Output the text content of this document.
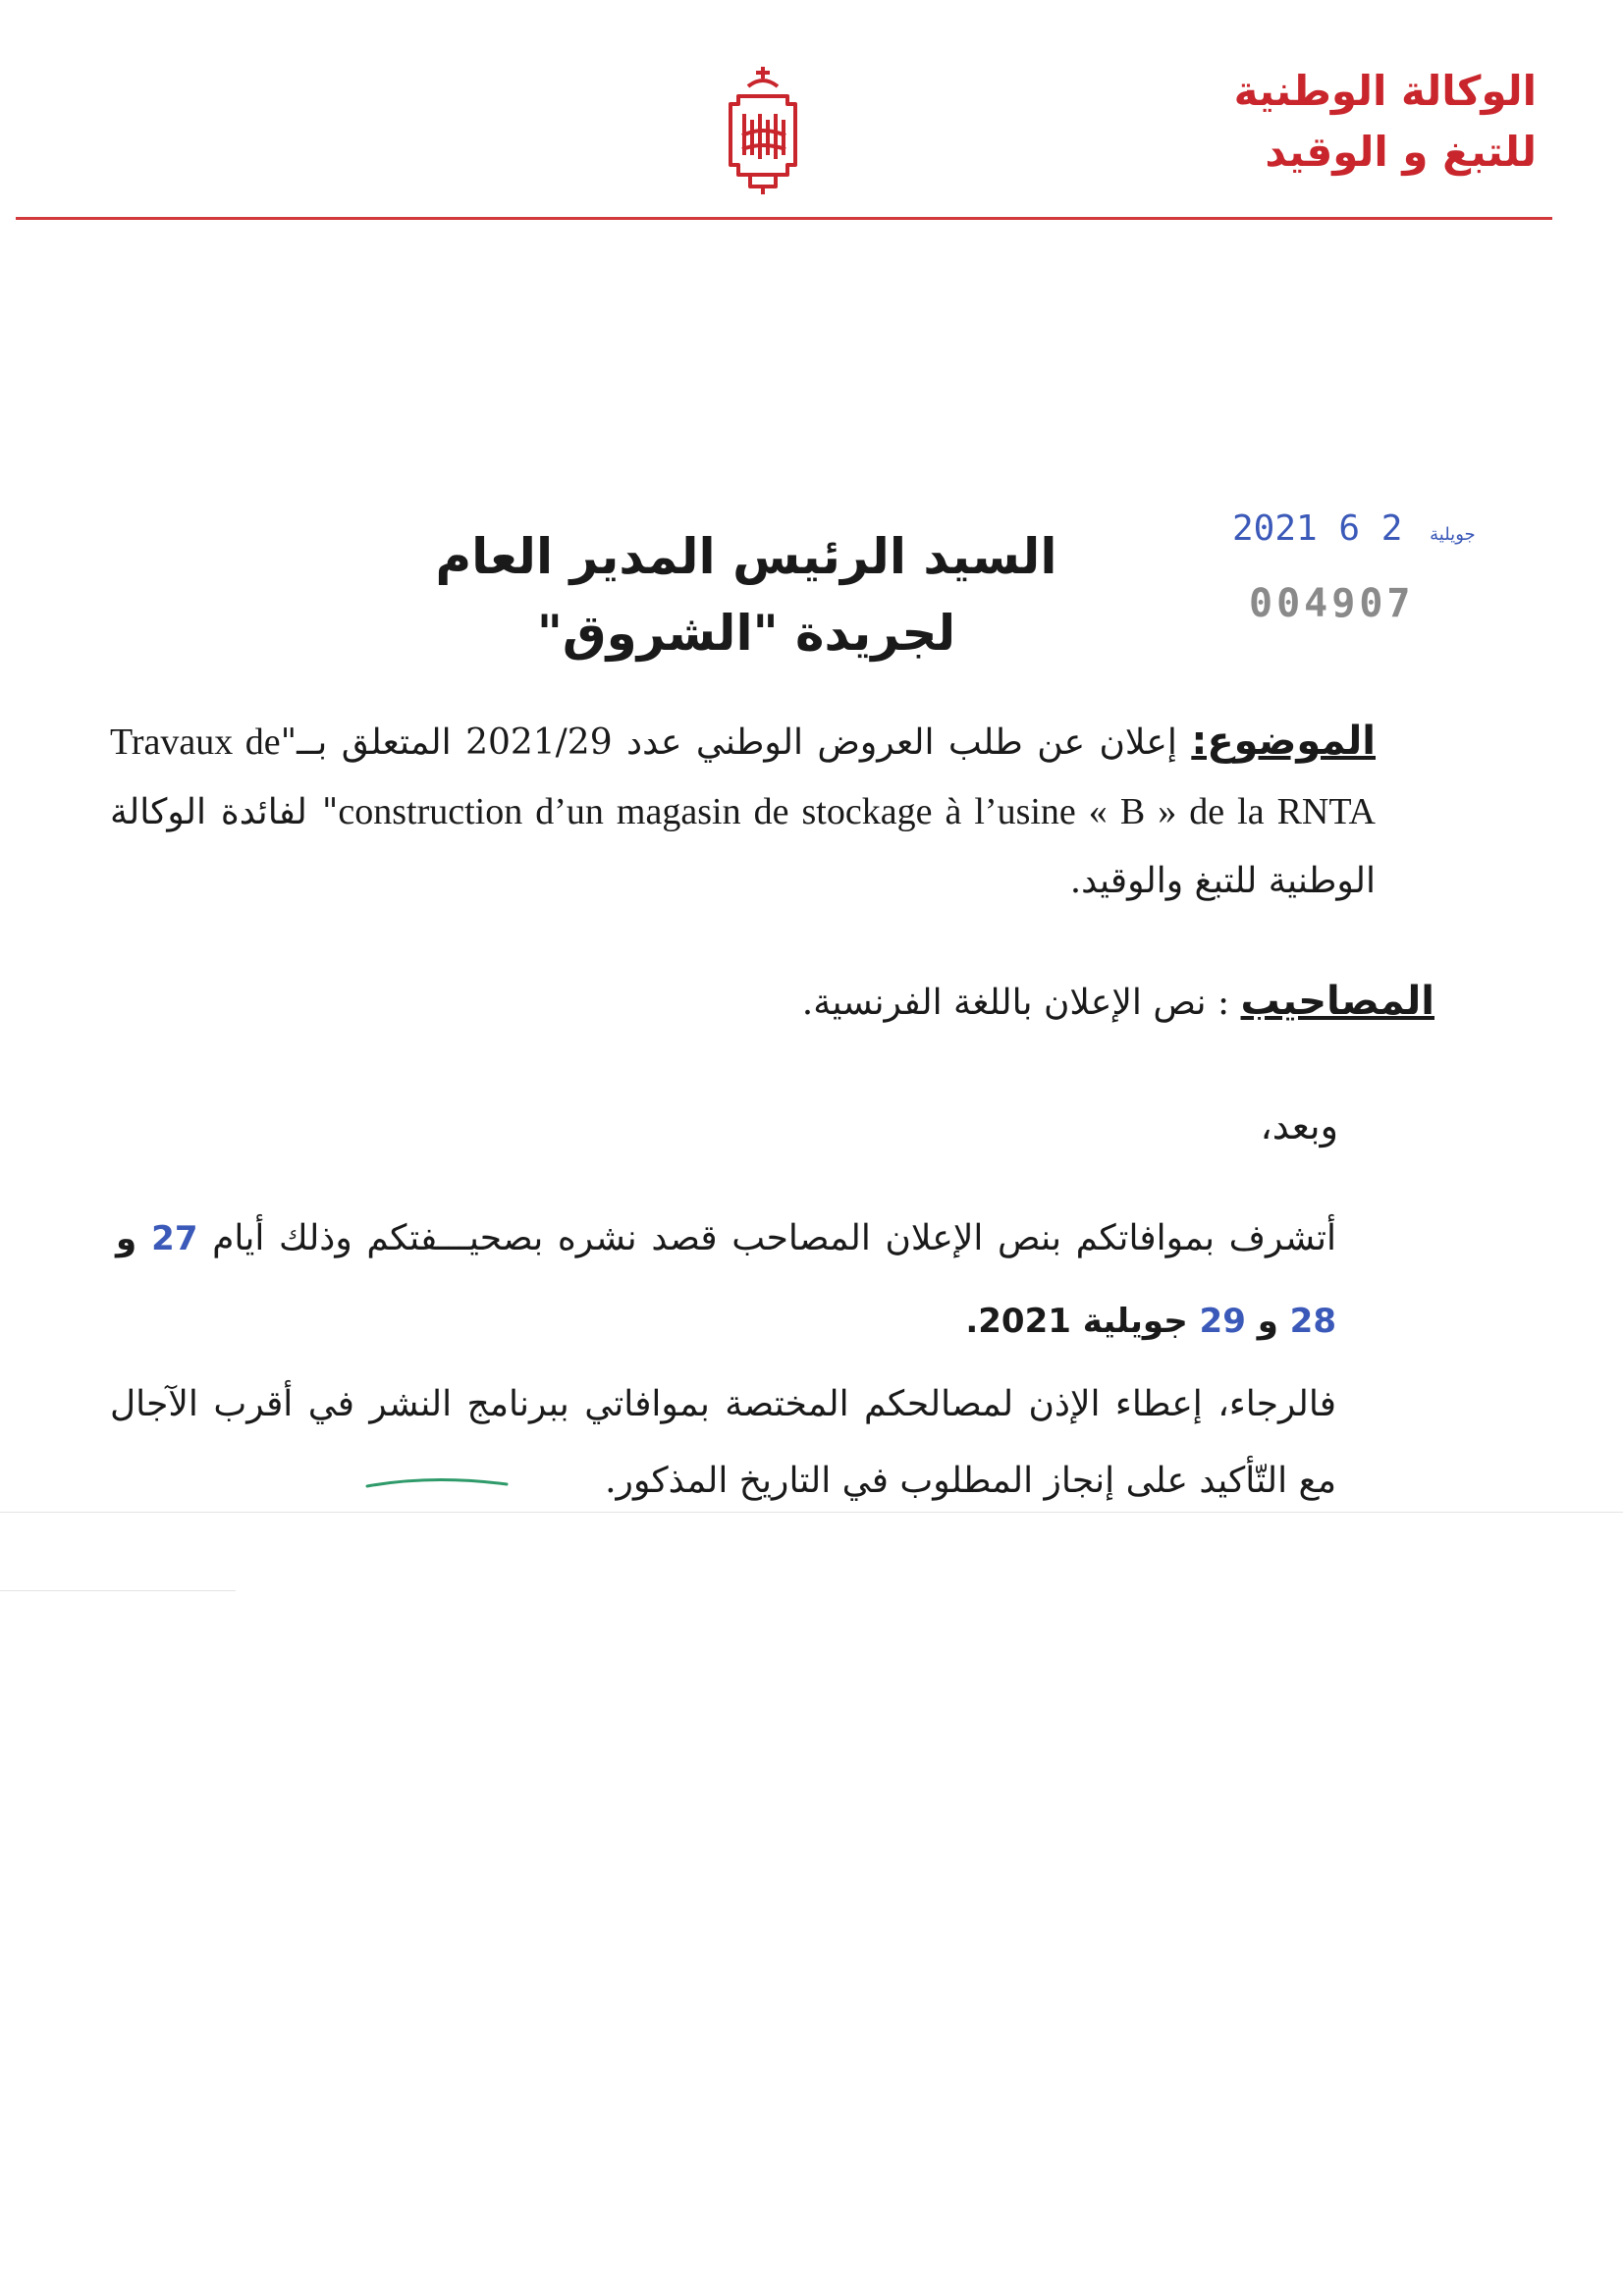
الوكالة الوطنية
للتبغ و الوقيد
2021	جويلية 2 6
004907
السيد الرئيس المدير العام
لجريدة "الشروق"
الموضوع: إعلان عن طلب العروض الوطني عدد 2021/29 المتعلق بــ"Travaux de construction d’un magasin de stockage à l’usine « B » de la RNTA" لفائدة الوكالة الوطنية للتبغ والوقيد.
المصاحيب : نص الإعلان باللغة الفرنسية.
وبعد،
أتشرف بموافاتكم بنص الإعلان المصاحب قصد نشره بصحيـــفتكم وذلك أيام 27 و 28 و 29 جويلية 2021.
فالرجاء، إعطاء الإذن لمصالحكم المختصة بموافاتي ببرنامج النشر في أقرب الآجال مع التّأكيد على إنجاز المطلوب في التاريخ المذكور.
